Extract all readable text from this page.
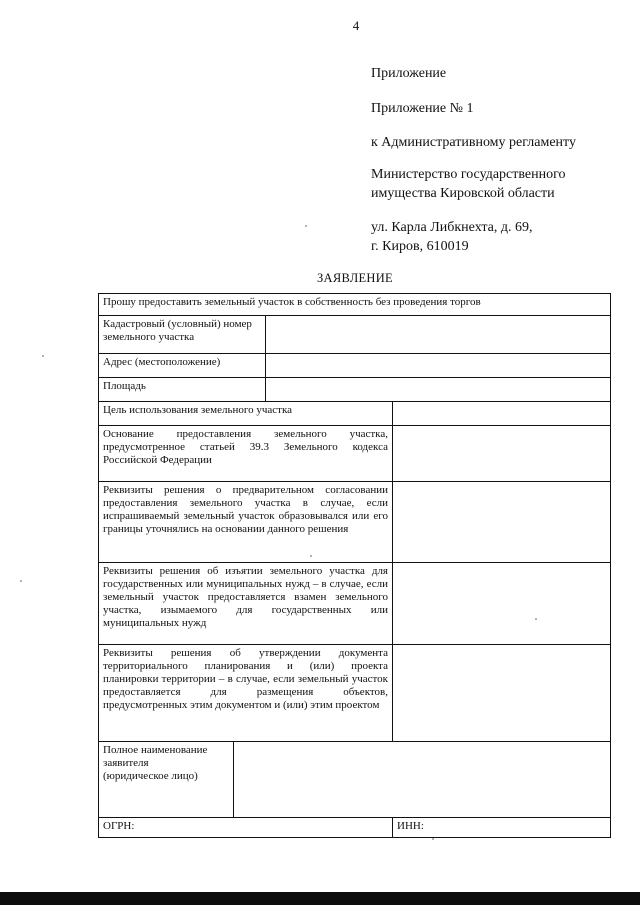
4
Приложение
Приложение № 1
к Административному регламенту
Министерство государственного
имущества Кировской области
ул. Карла Либкнехта, д. 69,
г. Киров, 610019
ЗАЯВЛЕНИЕ
Прошу предоставить земельный участок в собственность без проведения торгов			
Кадастровый (условный) номер земельного участка			
Адрес (местоположение)			
Площадь			
Цель использования земельного участка			
Основание предоставления земельного участка, предусмотренное статьей 39.3 Земельного кодекса Российской Федерации			
Реквизиты решения о предварительном согласовании предоставления земельного участка в случае, если испрашиваемый земельный участок образовывался или его границы уточнялись на основании данного решения			
Реквизиты решения об изъятии земельного участка для государственных или муниципальных нужд – в случае, если земельный участок предоставляется взамен земельного участка, изымаемого для государственных или муниципальных нужд			
Реквизиты решения об утверждении документа территориального планирования и (или) проекта планировки территории – в случае, если земельный участок предоставляется для размещения объектов, предусмотренных этим документом и (или) этим проектом			

Полное наименование
заявителя
(юридическое лицо)			

ОГРН:			ИНН:
